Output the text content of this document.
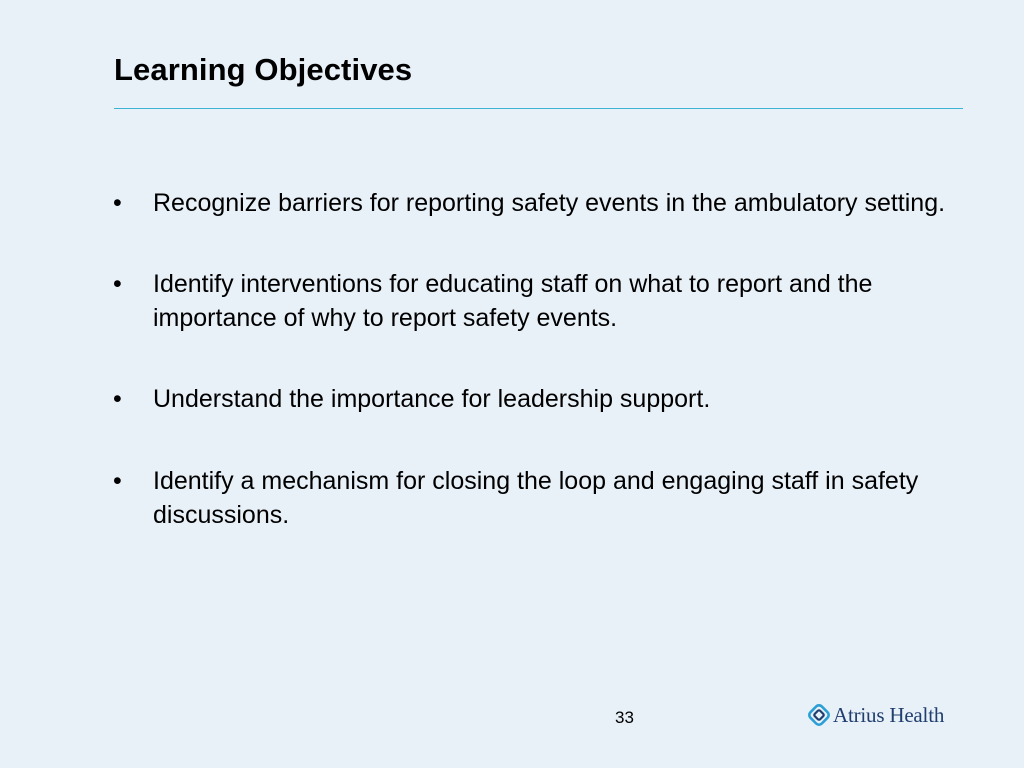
Learning Objectives
•	Recognize barriers for reporting safety events in the ambulatory setting.
•	Identify interventions for educating staff on what to report and the importance of why to report safety events.
•	Understand the importance for leadership support.
•	Identify a mechanism for closing the loop and engaging staff in safety discussions.
33	Atrius Health
